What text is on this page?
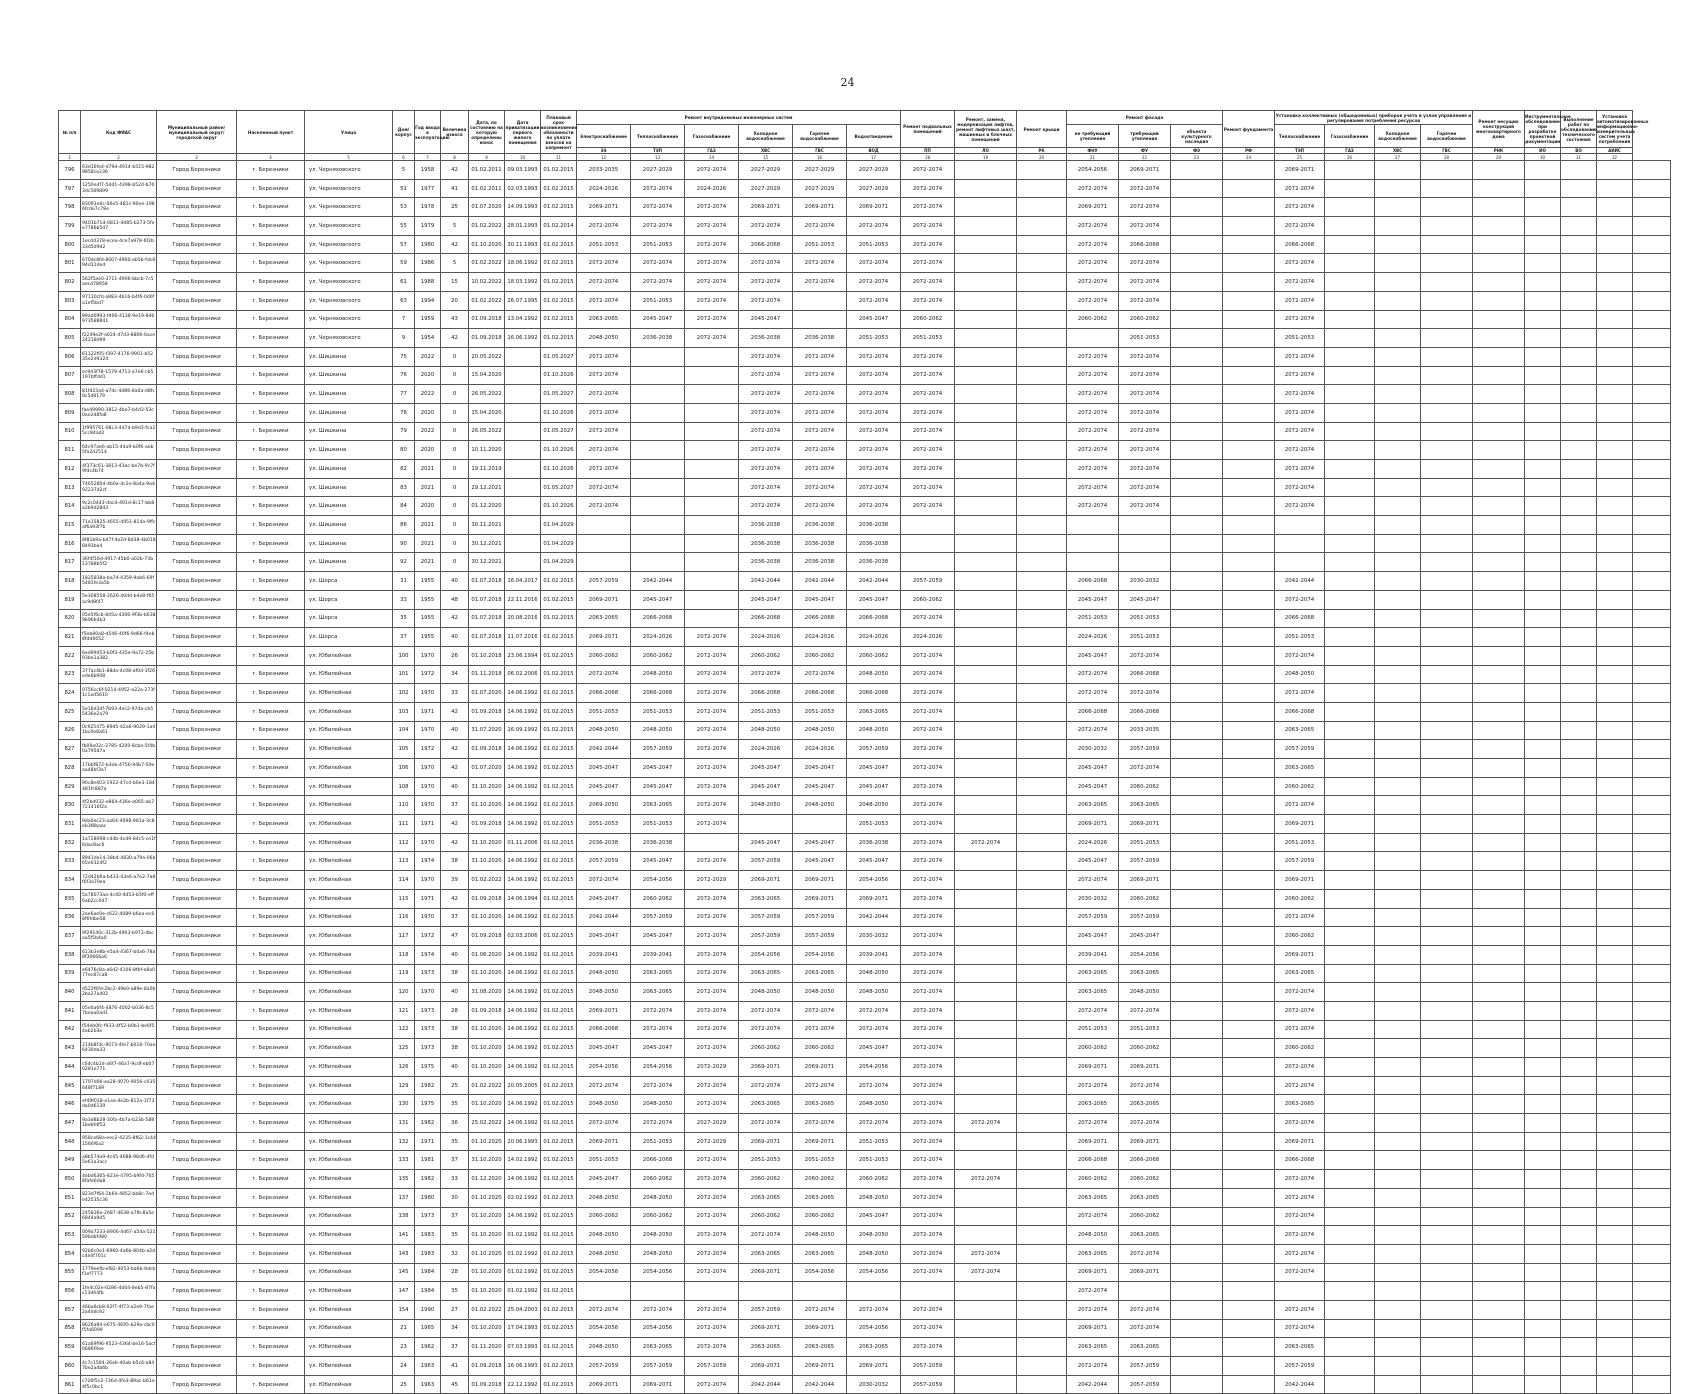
24
№ п/п	Код ФИАС	Муниципальный район/муниципальный округ/городской округ	Населенный пункт	Улица	Дом/корпус	Год ввода в эксплуатацию	Величина износа	Дата, по состоянию на которую определены износ	Дата приватизации первого жилого помещения	Плановый срок возникновения обязанности по уплате взносов на капремонт	Ремонт внутридомовых инженерных систем						Ремонт подвальных помещений	Ремонт, замена, модернизация лифтов, ремонт лифтовых шахт, машинных и блочных помещений	Ремонт крыши	Ремонт фасада			Ремонт фундамента	Установка коллективных (общедомовых) приборов учета и узлов управления и регулирования потребления ресурсов				Ремонт несущих конструкций многоквартирного дома	Инструментальное обследование при разработке проектной документации	Выполнение работ по обследованию технического состояния	Установка автоматизированных информационно-измерительных систем учета потребления	
											Электроснабжение	Теплоснабжение	Газоснабжение	Холодное водоснабжение	Горячее водоснабжение	Водоотведение				не требующий утепления	требующий утепления	объекта культурного наследия		Теплоснабжение	Газоснабжение	Холодное водоснабжение	Горячее водоснабжение					
											ЭЭ	ТЭП	ГАЗ	ХВС	ГВС	ВОД	ПП	ЛО	РК	ФНУ	ФУ	ФЭ	РФ	ТЭП	ГАЗ	ХВС	ГВС	РНК	ИО	ВО	АИИС	
1	2	3	4	5	6	7	8	9	10	11	12	13	14	15	16	17	18	19	20	21	22	23	24	25	26	27	28	29	30	31	32	
796	63d16fe4-d79d-4914-b515-9829858ce236	Город Березники	г. Березники	ул. Черняховского	5	1958	42	01.02.2011	09.03.1993	01.02.2015	2033-2035	2027-2029	2072-2074	2027-2029	2027-2029	2027-2029	2072-2074			2054-2056	2069-2071			2069-2071								
797	1250e4f7-54d1-4398-b524-b703dc589899	Город Березники	г. Березники	ул. Черняховского	51	1977	41	01.02.2011	02.03.1993	01.02.2015	2024-2026	2072-2074	2024-2026	2027-2029	2027-2029	2027-2029	2072-2074			2072-2074	2072-2074			2072-2074								
798	83091e0c-06e5-481c-90ee-1986fcde7c78e	Город Березники	г. Березники	ул. Черняховского	53	1978	25	01.07.2020	14.09.1993	01.02.2015	2069-2071	2072-2074	2072-2074	2069-2071	2069-2071	2069-2071	2072-2074			2069-2071	2072-2074			2072-2074								
799	9401b71d-0813-4d85-b273-5fee7786b5d7	Город Березники	г. Березники	ул. Черняховского	55	1979	5	01.02.2022	28.01.1993	01.02.2014	2072-2074	2072-2074	2072-2074	2072-2074	2072-2074	2072-2074	2072-2074			2072-2074	2072-2074			2072-2074								
800	1ecdd378-ecea-4ce7a978-6f2b33d5d9d2	Город Березники	г. Березники	ул. Черняховского	57	1980	42	01.10.2020	30.11.1993	01.02.2015	2051-2053	2051-2053	2072-2074	2066-2068	2051-2053	2051-2053	2072-2074			2072-2074	2066-2068			2066-2068								
801	670dc8fd-8007-4900-ab5b-fdc894d11ded	Город Березники	г. Березники	ул. Черняховского	59	1986	5	01.02.2022	18.06.1992	01.02.2015	2072-2074	2072-2074	2072-2074	2072-2074	2072-2074	2072-2074	2072-2074			2072-2074	2072-2074			2072-2074								
802	562f5ae0-3711-4906-bbcb-7c5aecd78958	Город Березники	г. Березники	ул. Черняховского	61	1988	15	10.02.2022	18.03.1992	01.02.2015	2072-2074	2072-2074	2072-2074	2072-2074	2072-2074	2072-2074	2072-2074			2072-2074	2072-2074			2072-2074								
803	97110cfd-a883-4b16-b4f6-0d0fa1ef5bd7	Город Березники	г. Березники	ул. Черняховского	63	1994	20	01.02.2022	26.07.1995	01.02.2015	2072-2074	2051-2053	2072-2074	2072-2074		2072-2074	2072-2074			2072-2074	2072-2074			2072-2074								
804	89ad0993-fd06-4138-9e19-8d6973588841	Город Березники	г. Березники	ул. Черняховского	7	1959	43	01.09.2018	13.04.1992	01.02.2015	2063-2065	2045-2047	2072-2074	2045-2047		2045-2047	2060-2062			2060-2062	2060-2062			2072-2074								
805	f2249e2f-a024-47d3-8806-6ace24218d99	Город Березники	г. Березники	ул. Черняховского	9	1954	42	01.09.2018	16.06.1992	01.02.2015	2048-2050	2036-2038	2072-2074	2036-2038	2036-2038	2051-2053	2051-2053				2051-2053			2051-2053								
806	61122f05-f397-4176-9901-b5235e2d9324	Город Березники	г. Березники	ул. Шишкина	75	2022	0	20.05.2022		01.05.2027	2072-2074			2072-2074	2072-2074	2072-2074	2072-2074			2072-2074	2072-2074			2072-2074								
807	ec9d3f78-1579-4713-a7e6-cb5197bffdd1	Город Березники	г. Березники	ул. Шишкина	76	2020	0	15.04.2020		01.10.2026	2072-2074			2072-2074	2072-2074	2072-2074	2072-2074			2072-2074	2072-2074			2072-2074								
808	81fd23a4-a7dc-4d86-8a0a-d8fc0c5d8179	Город Березники	г. Березники	ул. Шишкина	77	2022	0	26.05.2022		01.05.2027	2072-2074			2072-2074	2072-2074	2072-2074	2072-2074			2072-2074	2072-2074			2072-2074								
809	fae49990-3812-4be7-b4d3-53c0ae2d8fa8	Город Березники	г. Березники	ул. Шишкина	78	2020	0	15.04.2020		01.10.2026	2072-2074			2072-2074	2072-2074	2072-2074	2072-2074			2072-2074	2072-2074			2072-2074								
810	1f995761-08c3-4d7d-b9d3-fca25cc84ad2	Город Березники	г. Березники	ул. Шишкина	79	2022	0	26.05.2022		01.05.2027	2072-2074			2072-2074	2072-2074	2072-2074	2072-2074			2072-2074	2072-2074			2072-2074								
811	64c97ae6-ab15-44a9-b0f6-aeb5fa2d2514	Город Березники	г. Березники	ул. Шишкина	80	2020	0	10.11.2020		01.10.2026	2072-2074			2072-2074	2072-2074	2072-2074	2072-2074			2072-2074	2072-2074			2072-2074								
812	4f373c61-3813-43ac-be7b-9c7f9fdc4b74	Город Березники	г. Березники	ул. Шишкина	82	2021	0	19.11.2019		01.10.2026	2072-2074			2072-2074	2072-2074	2072-2074	2072-2074			2072-2074	2072-2074			2072-2074								
813	74652804-4b0a-4c2e-8a4a-9a492237d2cf	Город Березники	г. Березники	ул. Шишкина	83	2021	0	29.12.2021		01.05.2027	2072-2074			2072-2074	2072-2074	2072-2074	2072-2074			2072-2074	2072-2074			2072-2074								
814	9c2c0443-dac4-491d-8c17-bb8a2b9d28d3	Город Березники	г. Березники	ул. Шишкина	84	2020	0	01.12.2020		01.10.2026	2072-2074			2072-2074	2072-2074	2072-2074	2072-2074			2072-2074	2072-2074			2072-2074								
815	71e15825-4655-4951-814a-9ffcaf6a93f7b	Город Березники	г. Березники	ул. Шишкина	86	2021	0	30.11.2021		01.04.2029				2036-2038	2036-2038	2036-2038																
816	8f81b9a-b47f-4a2d-8d38-4b0188493ba4	Город Березники	г. Березники	ул. Шишкина	90	2021	0	30.12.2021		01.04.2029				2036-2038	2036-2038	2036-2038																
817	36f4f16d-4917-45b0-a02b-73b13788b5f2	Город Березники	г. Березники	ул. Шишкина	92	2021	0	30.12.2021		01.04.2029				2036-2038	2036-2038	2036-2038																
818	1825838a-ba74-4359-9ab6-69f5481fe3a5b	Город Березники	г. Березники	ул. Шорса	31	1955	40	01.07.2018	16.04.2017	01.02.2015	2057-2059	2042-2044		2042-2044	2042-2044	2042-2044	2057-2059			2066-2068	2030-2032			2042-2044								
819	5e308558-2626-40dd-b4e8-f65ac9d8f47	Город Березники	г. Березники	ул. Шорса	33	1955	48	01.07.2018	22.11.2016	01.02.2015	2069-2071	2045-2047		2045-2047	2045-2047	2045-2047	2060-2062			2045-2047	2045-2047			2072-2074								
820	05e5f6cb-8d5a-4306-9f3b-b6389b96b4b3	Город Березники	г. Березники	ул. Шорса	35	1955	42	01.07.2018	20.08.2016	01.02.2015	2063-2065	2066-2068		2066-2068	2066-2068	2066-2068	2072-2074			2051-2053	2051-2053			2066-2068								
821	f5eb80a8-d546-40f6-9d66-f4eb8fdd6652	Город Березники	г. Березники	ул. Шорса	37	1955	40	01.07.2018	11.07.2016	01.02.2015	2069-2071	2024-2026	2072-2074	2024-2026	2024-2026	2024-2026	2024-2026			2024-2026	2051-2053			2051-2053								
822	6ed99453-b0f3-435e-9a72-25b93be1a382	Город Березники	г. Березники	ул. Юбилейная	100	1970	26	01.10.2018	23.06.1994	01.02.2015	2060-2062	2060-2062	2072-2074	2060-2062	2060-2062	2060-2062	2072-2074			2045-2047	2072-2074			2072-2074								
823	377ac4b1-88da-4c08-af0d-3f26ede6b908	Город Березники	г. Березники	ул. Юбилейная	101	1972	34	01.11.2018	06.02.2006	01.02.2015	2072-2074	2048-2050	2072-2074	2072-2074	2072-2074	2048-2050	2072-2074			2072-2074	2066-2068			2048-2050								
824	0756cc6f-0214-4952-a22a-273f1c1ad5610	Город Березники	г. Березники	ул. Юбилейная	102	1970	33	01.07.2020	14.06.1992	01.02.2015	2066-2068	2066-2068	2072-2074	2066-2068	2066-2068	2066-2068	2072-2074			2072-2074	2072-2074			2072-2074								
825	5e16d34f-7b93-4ec2-97da-cb55436e2a79	Город Березники	г. Березники	ул. Юбилейная	103	1971	42	01.09.2018	14.06.1992	01.02.2015	2051-2053	2051-2053	2072-2074	2051-2053	2051-2053	2063-2065	2072-2074			2066-2068	2066-2068			2066-2068								
826	0c925475-89d5-42a6-9029-1a41bc0e8a61	Город Березники	г. Березники	ул. Юбилейная	104	1970	40	31.07.2020	16.09.1992	01.02.2015	2048-2050	2048-2050	2072-2074	2048-2050	2048-2050	2048-2050	2072-2074			2072-2074	2033-2035			2063-2065								
827	fb09a02c-2785-4200-8cba-5f4b0a795d7a	Город Березники	г. Березники	ул. Юбилейная	105	1972	42	01.09.2018	14.06.1992	01.02.2015	2042-2044	2057-2059	2072-2074	2024-2026	2024-2026	2057-2059	2072-2074			2030-2032	2057-2059			2057-2059								
828	17bbf872-b3eb-4756-94b7-59eaa48bf3a7	Город Березники	г. Березники	ул. Юбилейная	106	1970	42	01.07.2020	14.06.1992	01.02.2015	2045-2047	2045-2047	2072-2074	2045-2047	2045-2047	2045-2047	2072-2074			2045-2047	2072-2074			2063-2065								
829	90c8e403-1922-47c4-b0e3-184481fc887a	Город Березники	г. Березники	ул. Юбилейная	108	1970	40	31.10.2020	14.06.1992	01.02.2015	2045-2047	2045-2047	2072-2074	2045-2047	2045-2047	2045-2047	2072-2074			2045-2047	2060-2062			2060-2062								
830	4f2bd032-e864-436e-a065-ab7721416f2a	Город Березники	г. Березники	ул. Юбилейная	110	1970	37	01.10.2020	14.06.1992	01.02.2015	2069-2050	2063-2065	2072-2074	2048-2050	2048-2050	2048-2050	2072-2074			2063-2065	2063-2065			2072-2074								
831	9da0ec23-aa64-4098-981a-3c8eb3f8baac	Город Березники	г. Березники	ул. Юбилейная	111	1971	42	01.09.2018	14.06.1992	01.02.2015	2051-2053	2051-2053	2072-2074			2051-2053	2072-2074			2069-2071	2069-2071			2069-2071								
832	1a728098-cd4b-4cd9-84c5-ce1f6dac8ac6	Город Березники	г. Березники	ул. Юбилейная	112	1970	42	31.10.2020	01.11.2006	01.02.2015	2036-2038	2036-2038		2045-2047	2045-2047	2036-2038	2072-2074	2072-2074		2024-2026	2051-2053			2051-2053								
833	8941de14-38b4-4830-a79a-06b65e0324f2	Город Березники	г. Березники	ул. Юбилейная	113	1974	38	31.10.2020	14.06.1992	01.02.2015	2057-2059	2045-2047	2072-2074	2057-2059	2045-2047	2045-2047	2072-2074			2045-2047	2057-2059			2057-2059								
834	72d42b6a-b433-43e6-a7e2-7a8f6f3a70ea	Город Березники	г. Березники	ул. Юбилейная	114	1970	39	01.02.2022	14.06.1992	01.02.2015	2072-2074	2054-2056	2072-2029	2069-2071	2069-2071	2054-2056	2072-2074			2072-2074	2069-2071			2069-2071								
835	5a78073aa-4c40-4d53-b5f0-eff6ab2cc0d7	Город Березники	г. Березники	ул. Юбилейная	115	1971	42	01.09.2018	14.06.1994	01.02.2015	2045-2047	2060-2062	2072-2074	2063-2065	2069-2071	2069-2071	2072-2074			2030-2032	2060-2062			2060-2062								
836	2ae6ae0e-c622-4089-b6ea-ec68f6fdbe58	Город Березники	г. Березники	ул. Юбилейная	116	1970	37	01.10.2020	14.06.1992	01.02.2015	2042-2044	2057-2059	2072-2074	2057-2059	2057-2059	2042-2044	2072-2074			2057-2059	2057-2059			2072-2074								
837	9f29140c-312b-4903-b973-4bcaa5f5b4a0	Город Березники	г. Березники	ул. Юбилейная	117	1972	47	01.09.2018	02.03.2006	01.02.2015	2045-2047	2045-2047	2072-2074	2057-2059	2057-2059	2030-2032	2072-2074			2045-2047	2045-2047			2060-2062								
838	613b3e8b-e5a4-4367-b0a6-78a8f30666a6	Город Березники	г. Березники	ул. Юбилейная	118	1974	40	01.06.2020	14.06.1992	01.02.2015	2039-2041	2039-2041	2072-2074	2054-2056	2054-2056	2039-2041	2072-2074			2039-2041	2054-2056			2069-2071								
839	e6476c8a-a6d2-4106-8fbf-e8a077ec87ca8	Город Березники	г. Березники	ул. Юбилейная	119	1973	38	01.10.2020	14.06.1992	01.02.2015	2048-2050	2063-2065	2072-2074	2063-2065	2063-2065	2048-2050	2072-2074			2063-2065	2063-2065			2063-2065								
840	d522f6fd-2bc2-49b0-a89e-8a0b2ba27ad02	Город Березники	г. Березники	ул. Юбилейная	120	1970	40	31.08.2020	14.06.1992	01.02.2015	2048-2050	2063-2065	2072-2074	2048-2050	2048-2050	2048-2050	2072-2074			2063-2065	2048-2050			2072-2074								
841	05e0a6f4-4876-4002-b036-8c57beaa0ad1	Город Березники	г. Березники	ул. Юбилейная	121	1973	28	01.09.2018	14.06.1992	01.02.2015	2069-2071	2072-2074	2072-2074	2072-2074	2072-2074	2072-2074	2072-2074			2072-2074	2072-2074			2072-2074								
842	f54eb0fc-f933-4f52-b0b1-be6f54ab2b3e	Город Березники	г. Березники	ул. Юбилейная	122	1973	38	01.10.2020	14.06.1992	01.02.2015	2066-2068	2072-2074	2072-2074	2072-2074	2072-2074	2072-2074	2072-2074			2051-2053	2051-2053			2072-2074								
843	214b8f3c-9073-4fe7-b016-70ae6430da33	Город Березники	г. Березники	ул. Юбилейная	125	1973	38	01.10.2020	14.06.1992	01.02.2015	2045-2047	2045-2047	2072-2074	2060-2062	2060-2062	2045-2047	2072-2074			2060-2062	2060-2062			2060-2062								
844	c0dc4b1d-a6f7-46a7-9cdf-eb070281e771	Город Березники	г. Березники	ул. Юбилейная	126	1975	40	01.10.2020	14.06.1992	01.02.2015	2054-2056	2054-2056	2072-2029	2069-2071	2069-2071	2054-2056	2072-2074			2069-2071	2069-2071			2072-2074								
845	1797d06-ea28-4070-9056-c035648f7189	Город Березники	г. Березники	ул. Юбилейная	129	1982	25	01.02.2022	20.05.2005	01.02.2015	2072-2074	2072-2074	2072-2074	2072-2074	2072-2074	2072-2074	2072-2074			2072-2074	2072-2074			2072-2074								
846	ef49f018-e1ea-4e2b-812a-1f73da0d6139	Город Березники	г. Березники	ул. Юбилейная	130	1975	35	01.10.2020	14.06.1992	01.02.2015	2048-2050	2048-2050	2072-2074	2063-2065	2063-2065	2048-2050	2072-2074			2063-2065	2063-2065			2063-2065								
847	9a3d8b28-30fa-4b7a-b23b-5881bebfdf53	Город Березники	г. Березники	ул. Юбилейная	131	1982	36	25.02.2022	14.06.1992	01.02.2015	2072-2074	2072-2074	2027-2029	2072-2074	2072-2074	2072-2074	2072-2074	2072-2074		2072-2074	2072-2074			2072-2074								
848	958ca68a-eec2-4235-8f62-1c441566f6a2	Город Березники	г. Березники	ул. Юбилейная	132	1971	35	01.10.2020	20.06.1993	01.02.2015	2069-2071	2051-2053	2072-2029	2069-2071	2069-2071	2051-2053	2072-2074			2069-2071	2069-2071			2069-2071								
849	a8b574a9-4c45-4688-98d6-4fd5e61a3acc	Город Березники	г. Березники	ул. Юбилейная	133	1981	37	31.10.2020	14.02.1992	01.02.2015	2051-2053	2066-2068	2072-2074	2051-2053	2051-2053	2051-2053	2072-2074			2066-2068	2066-2068			2066-2068								
850	4ebd6365-823e-4795-b9fd-7658fafe6da8	Город Березники	г. Березники	ул. Юбилейная	135	1982	33	01.12.2020	14.06.1992	01.02.2015	2045-2047	2060-2062	2072-2074	2060-2062	2060-2062	2060-2062	2072-2074	2072-2074		2060-2062	2060-2062			2072-2074								
851	823d7f64-2b64-4852-bb8c-7ede42535c36	Город Березники	г. Березники	ул. Юбилейная	137	1980	30	01.10.2020	02.02.1992	01.02.2015	2048-2050	2048-2050	2072-2074	2063-2065	2063-2065	2048-2050	2072-2074			2063-2065	2063-2065			2072-2074								
852	245836e-2687-4638-a7fb-8a5e6844a9d5	Город Березники	г. Березники	ул. Юбилейная	138	1973	37	01.10.2020	14.06.1992	01.02.2015	2060-2062	2060-2062	2072-2074	2060-2062	2060-2062	2045-2047	2072-2074			2072-2074	2060-2062			2072-2074								
853	009a7233-8906-4d67-a5da-52159bdbf480	Город Березники	г. Березники	ул. Юбилейная	141	1983	35	01.10.2020	01.02.1992	01.02.2015	2048-2050	2048-2050	2072-2074	2072-2074	2048-2050	2048-2050	2072-2074			2048-2050	2063-2065			2072-2074								
854	92b6c0e1-6960-4a6b-804b-a2dc4e4f701c	Город Березники	г. Березники	ул. Юбилейная	143	1983	32	01.10.2020	01.02.1992	01.02.2015	2048-2050	2048-2050	2072-2074	2063-2065	2063-2065	2048-2050	2072-2074	2072-2074		2063-2065	2072-2074			2072-2074								
855	1779eefb-ef82-4053-ba6b-9dcbf1ef7773	Город Березники	г. Березники	ул. Юбилейная	145	1984	28	01.10.2020	01.02.1992	01.02.2015	2054-2056	2054-2056	2072-2074	2069-2071	2054-2056	2054-2056	2072-2074	2072-2074		2069-2071	2069-2071			2072-2074								
856	1fe4c02e-0286-4d04-8eb5-87fac13d64fb	Город Березники	г. Березники	ул. Юбилейная	147	1984	35	01.10.2020	01.02.1992	01.02.2015										2072-2074												
857	46ba6cb8-02f7-4f73-a2e9-7fae2a4ddc92	Город Березники	г. Березники	ул. Юбилейная	154	1990	27	01.02.2022	25.04.2003	01.02.2015	2072-2074	2072-2074	2072-2074	2057-2059	2072-2074	2072-2074	2072-2074			2072-2074	2072-2074			2072-2074								
858	8626a94-e675-4695-b29a-cbc0f5fa6099	Город Березники	г. Березники	ул. Юбилейная	21	1965	34	01.10.2020	17.04.1993	01.02.2015	2054-2056	2054-2056	2072-2074	2069-2071	2069-2071	2054-2056	2072-2074			2069-2071	2072-2074			2072-2074								
859	61a69f96-9523-4364-be16-5acf0686f4ee	Город Березники	г. Березники	ул. Юбилейная	23	1962	37	01.11.2020	07.03.1993	01.02.2015	2048-2050	2063-2065	2072-2074	2063-2065	2063-2065	2063-2065	2072-2074			2063-2065	2063-2065			2063-2065								
860	4c7c1564-26eb-40ab-b5c6-a847be2a4b6b	Город Березники	г. Березники	ул. Юбилейная	24	1963	41	01.09.2018	16.06.1993	01.02.2015	2057-2059	2057-2059	2057-2059	2069-2071	2069-2071	2069-2071	2057-2059			2072-2074	2057-2059			2057-2059								
861	c726f5c2-736d-4fe3-89ac-b61e4f5c0bc1	Город Березники	г. Березники	ул. Юбилейная	25	1963	45	01.09.2018	22.12.1992	01.02.2015	2069-2071	2069-2071	2072-2074	2042-2044	2042-2044	2030-2032	2057-2059			2042-2044	2057-2059			2042-2044								
